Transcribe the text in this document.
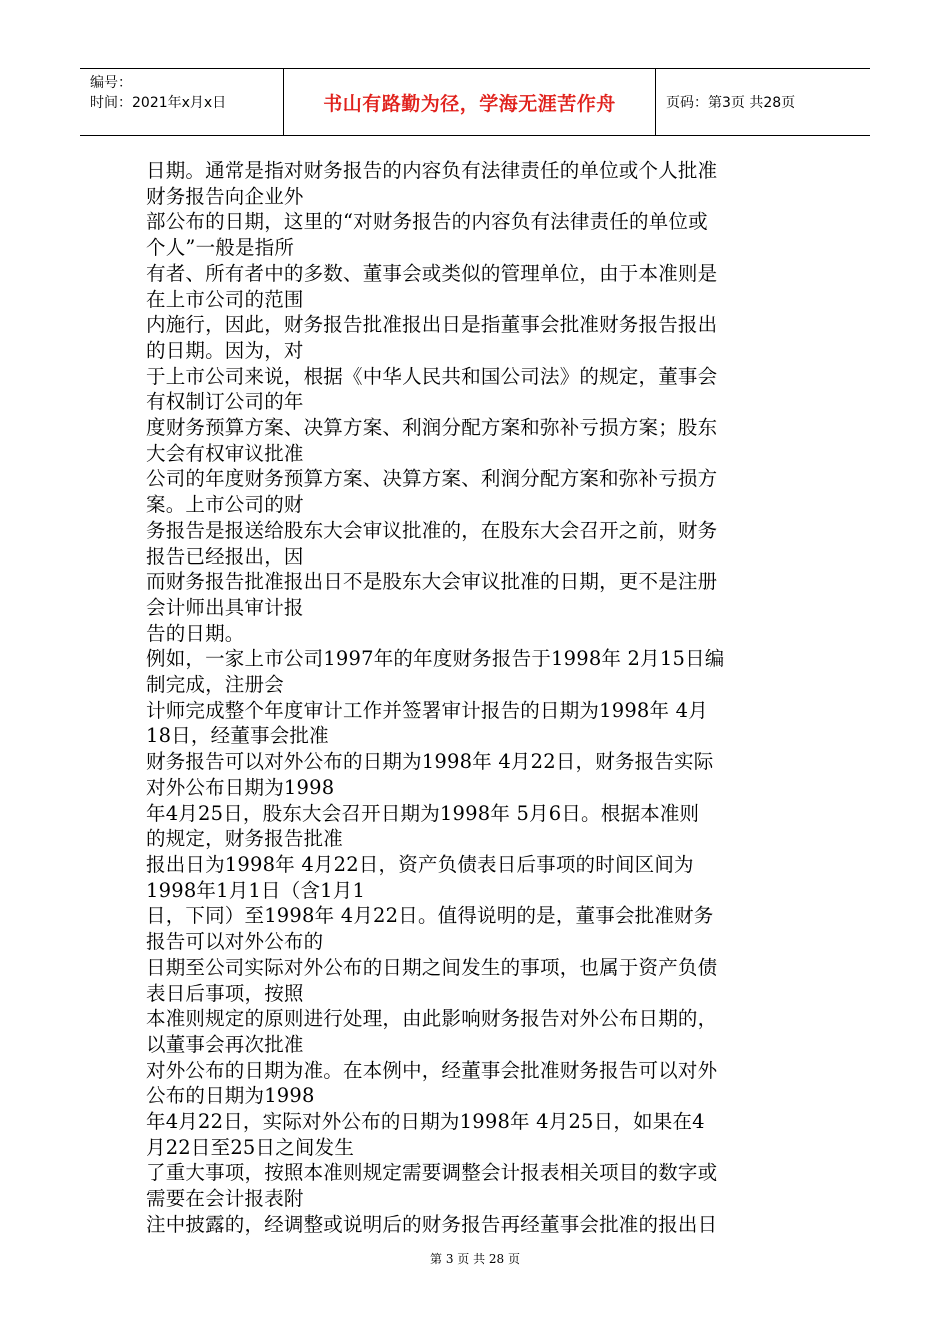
编号：
时间：2021年x月x日	书山有路勤为径，学海无涯苦作舟	页码：第3页 共28页
日期。通常是指对财务报告的内容负有法律责任的单位或个人批准
财务报告向企业外
部公布的日期，这里的“对财务报告的内容负有法律责任的单位或
个人”一般是指所
有者、所有者中的多数、董事会或类似的管理单位，由于本准则是
在上市公司的范围
内施行，因此，财务报告批准报出日是指董事会批准财务报告报出
的日期。因为，对
于上市公司来说，根据《中华人民共和国公司法》的规定，董事会
有权制订公司的年
度财务预算方案、决算方案、利润分配方案和弥补亏损方案；股东
大会有权审议批准
公司的年度财务预算方案、决算方案、利润分配方案和弥补亏损方
案。上市公司的财
务报告是报送给股东大会审议批准的，在股东大会召开之前，财务
报告已经报出，因
而财务报告批准报出日不是股东大会审议批准的日期，更不是注册
会计师出具审计报
告的日期。
例如，一家上市公司1997年的年度财务报告于1998年 2月15日编
制完成，注册会
计师完成整个年度审计工作并签署审计报告的日期为1998年 4月
18日，经董事会批准
财务报告可以对外公布的日期为1998年 4月22日，财务报告实际
对外公布日期为1998
年4月25日，股东大会召开日期为1998年 5月6日。根据本准则
的规定，财务报告批准
报出日为1998年 4月22日，资产负债表日后事项的时间区间为
1998年1月1日（含1月1
日，下同）至1998年 4月22日。值得说明的是，董事会批准财务
报告可以对外公布的
日期至公司实际对外公布的日期之间发生的事项，也属于资产负债
表日后事项，按照
本准则规定的原则进行处理，由此影响财务报告对外公布日期的，
以董事会再次批准
对外公布的日期为准。在本例中，经董事会批准财务报告可以对外
公布的日期为1998
年4月22日，实际对外公布的日期为1998年 4月25日，如果在4
月22日至25日之间发生
了重大事项，按照本准则规定需要调整会计报表相关项目的数字或
需要在会计报表附
注中披露的，经调整或说明后的财务报告再经董事会批准的报出日
第 3 页 共 28 页
